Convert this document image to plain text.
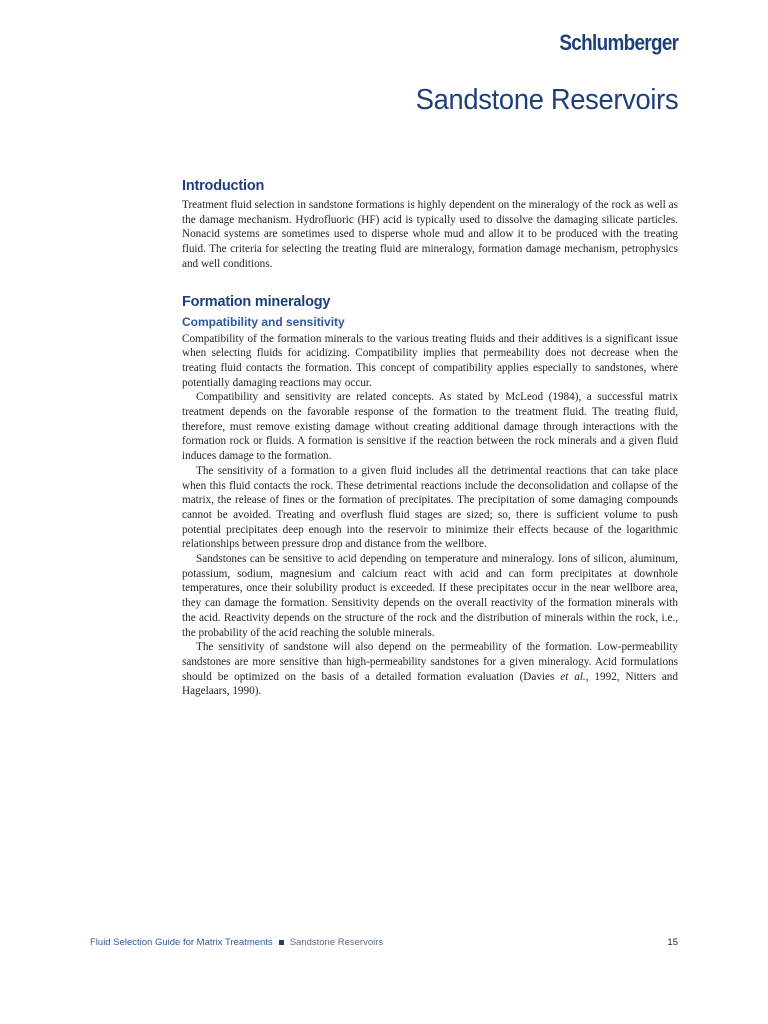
Schlumberger
Sandstone Reservoirs
Introduction

Treatment fluid selection in sandstone formations is highly dependent on the mineralogy of the rock as well as the damage mechanism. Hydrofluoric (HF) acid is typically used to dissolve the damaging silicate particles. Nonacid systems are sometimes used to disperse whole mud and allow it to be produced with the treating fluid. The criteria for selecting the treating fluid are mineralogy, formation damage mechanism, petrophysics and well conditions.

Formation mineralogy
Compatibility and sensitivity

Compatibility of the formation minerals to the various treating fluids and their additives is a significant issue when selecting fluids for acidizing. Compatibility implies that permeability does not decrease when the treating fluid contacts the formation. This concept of compatibility applies especially to sandstones, where potentially damaging reactions may occur.

Compatibility and sensitivity are related concepts. As stated by McLeod (1984), a successful matrix treatment depends on the favorable response of the formation to the treatment fluid. The treating fluid, therefore, must remove existing damage without creating additional damage through interactions with the formation rock or fluids. A formation is sensitive if the reaction between the rock minerals and a given fluid induces damage to the formation.

The sensitivity of a formation to a given fluid includes all the detrimental reactions that can take place when this fluid contacts the rock. These detrimental reactions include the deconsolidation and collapse of the matrix, the release of fines or the formation of precipitates. The precipitation of some damaging compounds cannot be avoided. Treating and overflush fluid stages are sized; so, there is sufficient volume to push potential precipitates deep enough into the reservoir to minimize their effects because of the logarithmic relationships between pressure drop and distance from the wellbore.

Sandstones can be sensitive to acid depending on temperature and mineralogy. Ions of silicon, aluminum, potassium, sodium, magnesium and calcium react with acid and can form precipitates at downhole temperatures, once their solubility product is exceeded. If these precipitates occur in the near wellbore area, they can damage the formation. Sensitivity depends on the overall reactivity of the formation minerals with the acid. Reactivity depends on the structure of the rock and the distribution of minerals within the rock, i.e., the probability of the acid reaching the soluble minerals.

The sensitivity of sandstone will also depend on the permeability of the formation. Low-permeability sandstones are more sensitive than high-permeability sandstones for a given mineralogy. Acid formulations should be optimized on the basis of a detailed formation evaluation (Davies et al., 1992, Nitters and Hagelaars, 1990).

Fluid Selection Guide for Matrix Treatments Sandstone Reservoirs	15
